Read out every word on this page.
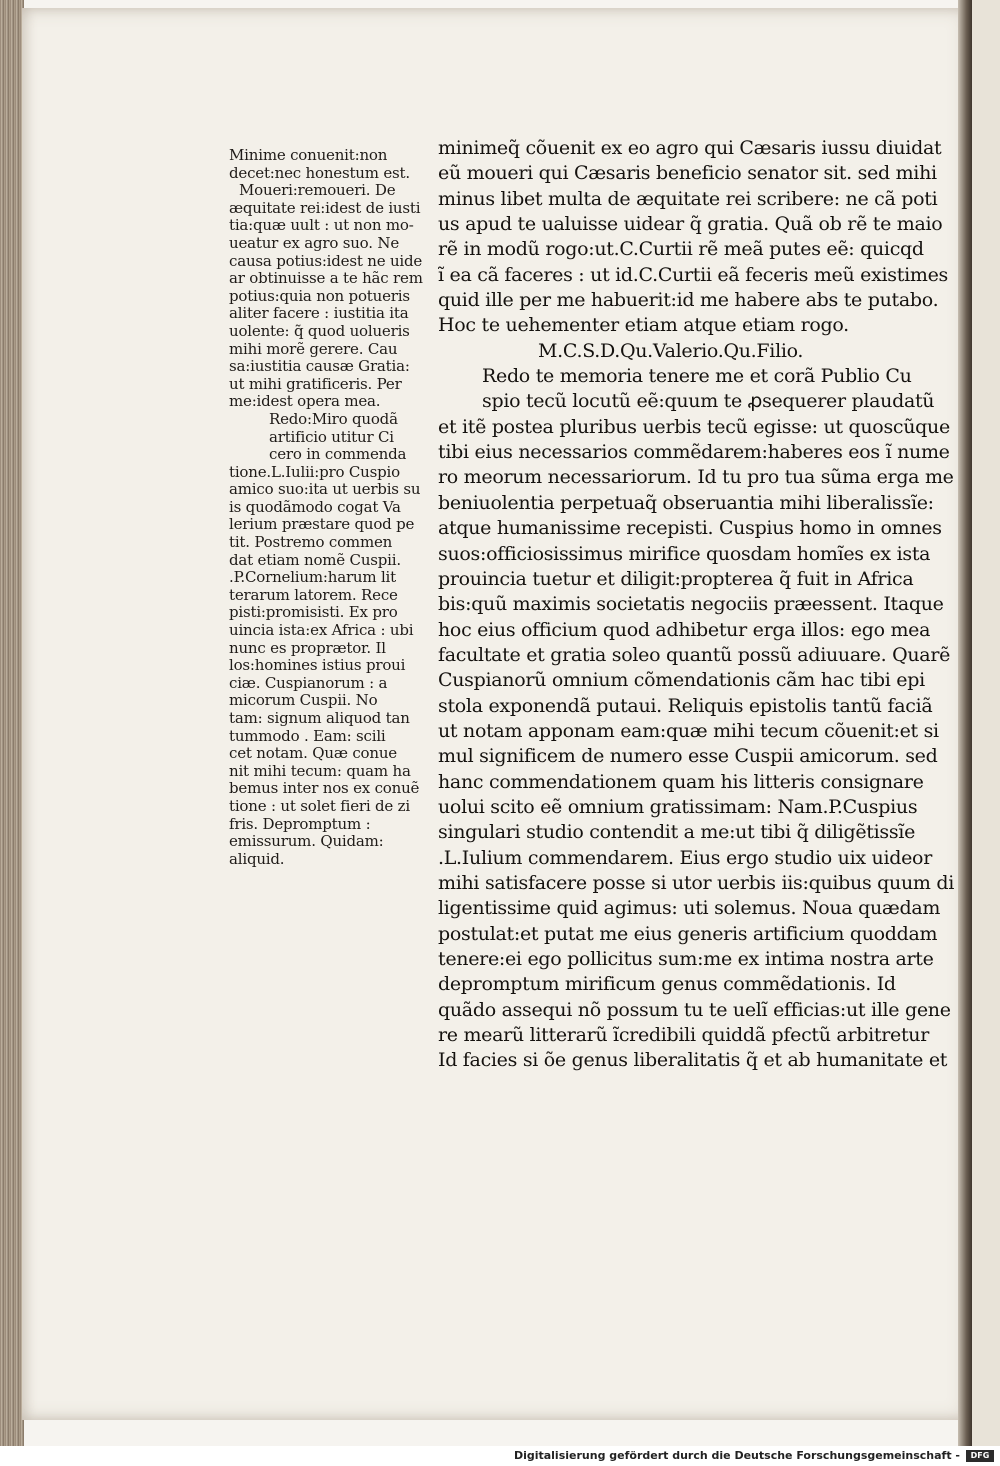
Minime conuenit:non

decet:nec honestum est.

Moueri:remoueri. De

æquitate rei:idest de iusti

tia:quæ uult : ut non mo-

ueatur ex agro suo. Ne

causa potius:idest ne uide

ar obtinuisse a te hãc rem

potius:quia non potueris

aliter facere : iustitia ita

uolente: q̃ quod uolueris

mihi morẽ gerere. Cau

sa:iustitia causæ Gratia:

ut mihi gratificeris. Per

me:idest opera mea.

Redo:Miro quodã

artificio utitur Ci

cero in commenda

tione.L.Iulii:pro Cuspio

amico suo:ita ut uerbis su

is quodãmodo cogat Va

lerium præstare quod pe

tit. Postremo commen

dat etiam nomẽ Cuspii.

.P.Cornelium:harum lit

terarum latorem. Rece

pisti:promisisti. Ex pro

uincia ista:ex Africa : ubi

nunc es proprætor. Il

los:homines istius proui

ciæ. Cuspianorum : a

micorum Cuspii. No

tam: signum aliquod tan

tummodo . Eam: scili

cet notam. Quæ conue

nit mihi tecum: quam ha

bemus inter nos ex conuẽ

tione : ut solet fieri de zi

fris. Depromptum :

emissurum. Quidam:

aliquid.

minimeq̃ cõuenit ex eo agro qui Cæsaris iussu diuidat

eũ moueri qui Cæsaris beneficio senator sit. sed mihi

minus libet multa de æquitate rei scribere: ne cã poti

us apud te ualuisse uidear q̃ gratia. Quã ob rẽ te maio

rẽ in modũ rogo:ut.C.Curtii rẽ meã putes eẽ: quicqd

ĩ ea cã faceres : ut id.C.Curtii eã feceris meũ existimes

quid ille per me habuerit:id me habere abs te putabo.

Hoc te uehementer etiam atque etiam rogo.

M.C.S.D.Qu.Valerio.Qu.Filio.

Redo te memoria tenere me et corã Publio Cu

spio tecũ locutũ eẽ:quum te ꝓsequerer plaudatũ

et itẽ postea pluribus uerbis tecũ egisse: ut quoscũque

tibi eius necessarios commẽdarem:haberes eos ĩ nume

ro meorum necessariorum. Id tu pro tua sũma erga me

beniuolentia perpetuaq̃ obseruantia mihi liberalissĩe:

atque humanissime recepisti. Cuspius homo in omnes

suos:officiosissimus mirifice quosdam homĩes ex ista

prouincia tuetur et diligit:propterea q̃ fuit in Africa

bis:quũ maximis societatis negociis præessent. Itaque

hoc eius officium quod adhibetur erga illos: ego mea

facultate et gratia soleo quantũ possũ adiuuare. Quarẽ

Cuspianorũ omnium cõmendationis cãm hac tibi epi

stola exponendã putaui. Reliquis epistolis tantũ faciã

ut notam apponam eam:quæ mihi tecum cõuenit:et si

mul significem de numero esse Cuspii amicorum. sed

hanc commendationem quam his litteris consignare

uolui scito eẽ omnium gratissimam: Nam.P.Cuspius

singulari studio contendit a me:ut tibi q̃ diligẽtissĩe

.L.Iulium commendarem. Eius ergo studio uix uideor

mihi satisfacere posse si utor uerbis iis:quibus quum di

ligentissime quid agimus: uti solemus. Noua quædam

postulat:et putat me eius generis artificium quoddam

tenere:ei ego pollicitus sum:me ex intima nostra arte

depromptum mirificum genus commẽdationis. Id

quãdo assequi nõ possum tu te uelĩ efficias:ut ille gene

re mearũ litterarũ ĩcredibili quiddã pfectũ arbitretur

Id facies si õe genus liberalitatis q̃ et ab humanitate et

Digitalisierung gefördert durch die Deutsche Forschungsgemeinschaft -	DFG
